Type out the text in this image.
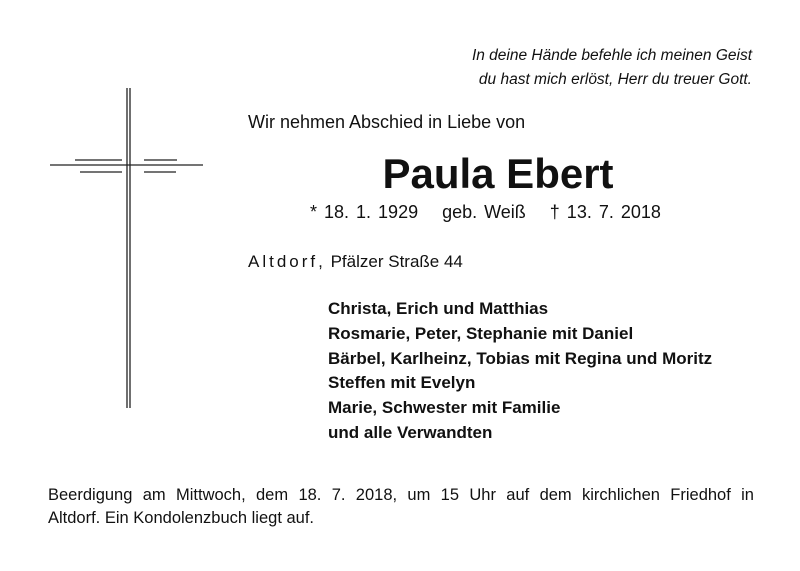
In deine Hände befehle ich meinen Geist
du hast mich erlöst, Herr du treuer Gott.
Wir nehmen Abschied in Liebe von
Paula Ebert
* 18. 1. 1929 geb. Weiß † 13. 7. 2018
Altdorf, Pfälzer Straße 44
Christa, Erich und Matthias
Rosmarie, Peter, Stephanie mit Daniel
Bärbel, Karlheinz, Tobias mit Regina und Moritz
Steffen mit Evelyn
Marie, Schwester mit Familie
und alle Verwandten
Beerdigung am Mittwoch, dem 18. 7. 2018, um 15 Uhr auf dem kirchlichen Friedhof in
Altdorf. Ein Kondolenzbuch liegt auf.
